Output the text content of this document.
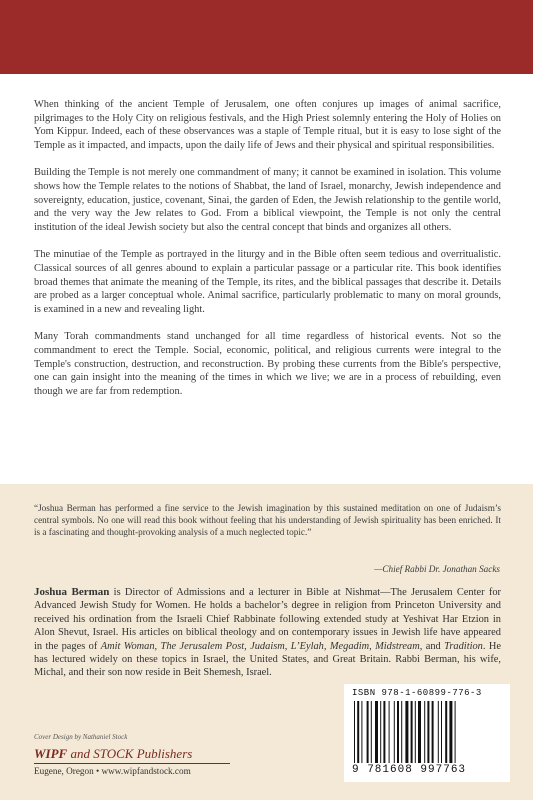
When thinking of the ancient Temple of Jerusalem, one often conjures up images of animal sacrifice, pilgrimages to the Holy City on religious festivals, and the High Priest solemnly entering the Holy of Holies on Yom Kippur. Indeed, each of these observances was a staple of Temple ritual, but it is easy to lose sight of the Temple as it impacted, and impacts, upon the daily life of Jews and their physical and spiritual responsibilities.

Building the Temple is not merely one commandment of many; it cannot be examined in isolation. This volume shows how the Temple relates to the notions of Shabbat, the land of Israel, monarchy, Jewish independence and sovereignty, education, justice, covenant, Sinai, the garden of Eden, the Jewish relationship to the gentile world, and the very way the Jew relates to God. From a biblical viewpoint, the Temple is not only the central institution of the ideal Jewish society but also the central concept that binds and organizes all others.

The minutiae of the Temple as portrayed in the liturgy and in the Bible often seem tedious and overritualistic. Classical sources of all genres abound to explain a particular passage or a particular rite. This book identifies broad themes that animate the meaning of the Temple, its rites, and the biblical passages that describe it. Details are probed as a larger conceptual whole. Animal sacrifice, particularly problematic to many on moral grounds, is examined in a new and revealing light.

Many Torah commandments stand unchanged for all time regardless of historical events. Not so the commandment to erect the Temple. Social, economic, political, and religious currents were integral to the Temple's construction, destruction, and reconstruction. By probing these currents from the Bible's perspective, one can gain insight into the meaning of the times in which we live; we are in a process of rebuilding, even though we are far from redemption.

“Joshua Berman has performed a fine service to the Jewish imagination by this sustained meditation on one of Judaism’s central symbols. No one will read this book without feeling that his understanding of Jewish spirituality has been enriched. It is a fascinating and thought-provoking analysis of a much neglected topic.”
—Chief Rabbi Dr. Jonathan Sacks
Joshua Berman is Director of Admissions and a lecturer in Bible at Nishmat—The Jerusalem Center for Advanced Jewish Study for Women. He holds a bachelor’s degree in religion from Princeton University and received his ordination from the Israeli Chief Rabbinate following extended study at Yeshivat Har Etzion in Alon Shevut, Israel. His articles on biblical theology and on contemporary issues in Jewish life have appeared in the pages of Amit Woman, The Jerusalem Post, Judaism, L’Eylah, Megadim, Midstream, and Tradition. He has lectured widely on these topics in Israel, the United States, and Great Britain. Rabbi Berman, his wife, Michal, and their son now reside in Beit Shemesh, Israel.
Cover Design by Nathaniel Stock
WIPF and STOCK Publishers
Eugene, Oregon • www.wipfandstock.com
ISBN 978-1-60899-776-3
9 781608 997763
